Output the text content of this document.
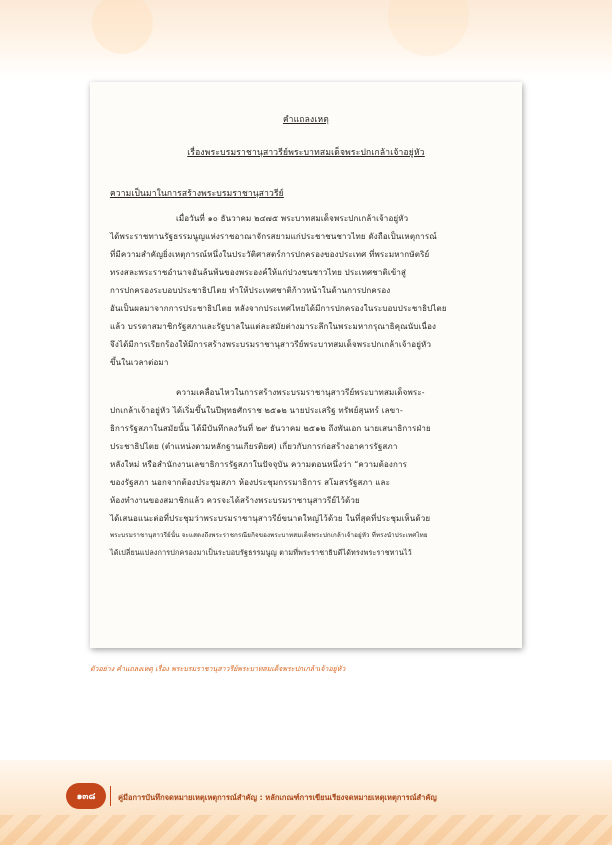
คำแถลงเหตุ
เรื่องพระบรมราชานุสาวรีย์พระบาทสมเด็จพระปกเกล้าเจ้าอยู่หัว
ความเป็นมาในการสร้างพระบรมราชานุสาวรีย์
เมื่อวันที่ ๑๐ ธันวาคม ๒๔๗๕ พระบาทสมเด็จพระปกเกล้าเจ้าอยู่หัว
ได้พระราชทานรัฐธรรมนูญแห่งราชอาณาจักรสยามแก่ประชาชนชาวไทย ดังถือเป็นเหตุการณ์
ที่มีความสำคัญยิ่งเหตุการณ์หนึ่งในประวัติศาสตร์การปกครองของประเทศ ที่พระมหากษัตริย์
ทรงสละพระราชอำนาจอันล้นพ้นของพระองค์ให้แก่ปวงชนชาวไทย ประเทศชาติเข้าสู่
การปกครองระบอบประชาธิปไตย ทำให้ประเทศชาติก้าวหน้าในด้านการปกครอง
อันเป็นผลมาจากการประชาธิปไตย หลังจากประเทศไทยได้มีการปกครองในระบอบประชาธิปไตย
แล้ว บรรดาสมาชิกรัฐสภาและรัฐบาลในแต่ละสมัยต่างมาระลึกในพระมหากรุณาธิคุณนับเนื่อง
จึงได้มีการเรียกร้องให้มีการสร้างพระบรมราชานุสาวรีย์พระบาทสมเด็จพระปกเกล้าเจ้าอยู่หัว
ขึ้นในเวลาต่อมา
ความเคลื่อนไหวในการสร้างพระบรมราชานุสาวรีย์พระบาทสมเด็จพระ-
ปกเกล้าเจ้าอยู่หัว ได้เริ่มขึ้นในปีพุทธศักราช ๒๕๑๒ นายประเสริฐ ทรัพย์สุนทร์ เลขา-
ธิการรัฐสภาในสมัยนั้น ได้มีบันทึกลงวันที่ ๒๙ ธันวาคม ๒๕๑๒ ถึงพันเอก นายเสนาธิการฝ่าย
ประชาธิปไตย (ตำแหน่งตามหลักฐานเกียรติยศ) เกี่ยวกับการก่อสร้างอาคารรัฐสภา
หลังใหม่ หรือสำนักงานเลขาธิการรัฐสภาในปัจจุบัน ความตอนหนึ่งว่า “ความต้องการ
ของรัฐสภา นอกจากต้องประชุมสภา ห้องประชุมกรรมาธิการ สโมสรรัฐสภา และ
ห้องทำงานของสมาชิกแล้ว ควรจะได้สร้างพระบรมราชานุสาวรีย์ไว้ด้วย
ได้เสนอแนะต่อที่ประชุมว่าพระบรมราชานุสาวรีย์ขนาดใหญ่ไว้ด้วย ในที่สุดที่ประชุมเห็นด้วย
พระบรมราชานุสาวรีย์นั้น จะแสดงถึงพระราชกรณียกิจของพระบาทสมเด็จพระปกเกล้าเจ้าอยู่หัว ที่ทรงนำประเทศไทย
ได้เปลี่ยนแปลงการปกครองมาเป็นระบอบรัฐธรรมนูญ ตามที่พระราชาธิบดีได้ทรงพระราชทานไว้
ตัวอย่าง คำแถลงเหตุ เรื่อง พระบรมราชานุสาวรีย์พระบาทสมเด็จพระปกเกล้าเจ้าอยู่หัว
๑๓๘	คู่มือการบันทึกจดหมายเหตุเหตุการณ์สำคัญ : หลักเกณฑ์การเขียนเรียงจดหมายเหตุเหตุการณ์สำคัญ
